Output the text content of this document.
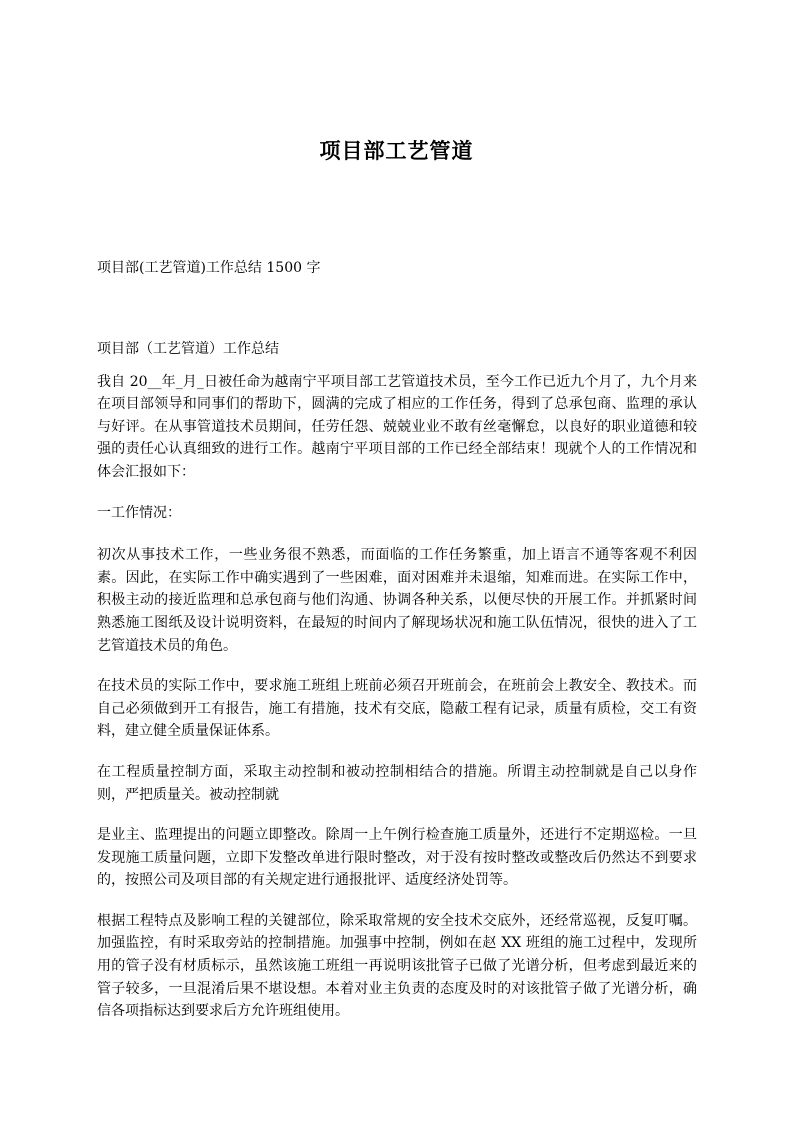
项目部工艺管道
项目部(工艺管道)工作总结 1500 字

项目部（工艺管道）工作总结

我自 20__年_月_日被任命为越南宁平项目部工艺管道技术员，至今工作已近九个月了，九个月来在项目部领导和同事们的帮助下，圆满的完成了相应的工作任务，得到了总承包商、监理的承认与好评。在从事管道技术员期间，任劳任怨、兢兢业业不敢有丝毫懈怠，以良好的职业道德和较强的责任心认真细致的进行工作。越南宁平项目部的工作已经全部结束！现就个人的工作情况和体会汇报如下：

一工作情况：

初次从事技术工作，一些业务很不熟悉，而面临的工作任务繁重，加上语言不通等客观不利因素。因此，在实际工作中确实遇到了一些困难，面对困难并未退缩，知难而进。在实际工作中，积极主动的接近监理和总承包商与他们沟通、协调各种关系，以便尽快的开展工作。并抓紧时间熟悉施工图纸及设计说明资料，在最短的时间内了解现场状况和施工队伍情况，很快的进入了工艺管道技术员的角色。

在技术员的实际工作中，要求施工班组上班前必须召开班前会，在班前会上教安全、教技术。而自己必须做到开工有报告，施工有措施，技术有交底，隐蔽工程有记录，质量有质检，交工有资料，建立健全质量保证体系。

在工程质量控制方面，采取主动控制和被动控制相结合的措施。所谓主动控制就是自己以身作则，严把质量关。被动控制就

是业主、监理提出的问题立即整改。除周一上午例行检查施工质量外，还进行不定期巡检。一旦发现施工质量问题，立即下发整改单进行限时整改，对于没有按时整改或整改后仍然达不到要求的，按照公司及项目部的有关规定进行通报批评、适度经济处罚等。

根据工程特点及影响工程的关键部位，除采取常规的安全技术交底外，还经常巡视，反复叮嘱。加强监控，有时采取旁站的控制措施。加强事中控制，例如在赵 XX 班组的施工过程中，发现所用的管子没有材质标示，虽然该施工班组一再说明该批管子已做了光谱分析，但考虑到最近来的管子较多，一旦混淆后果不堪设想。本着对业主负责的态度及时的对该批管子做了光谱分析，确信各项指标达到要求后方允许班组使用。
